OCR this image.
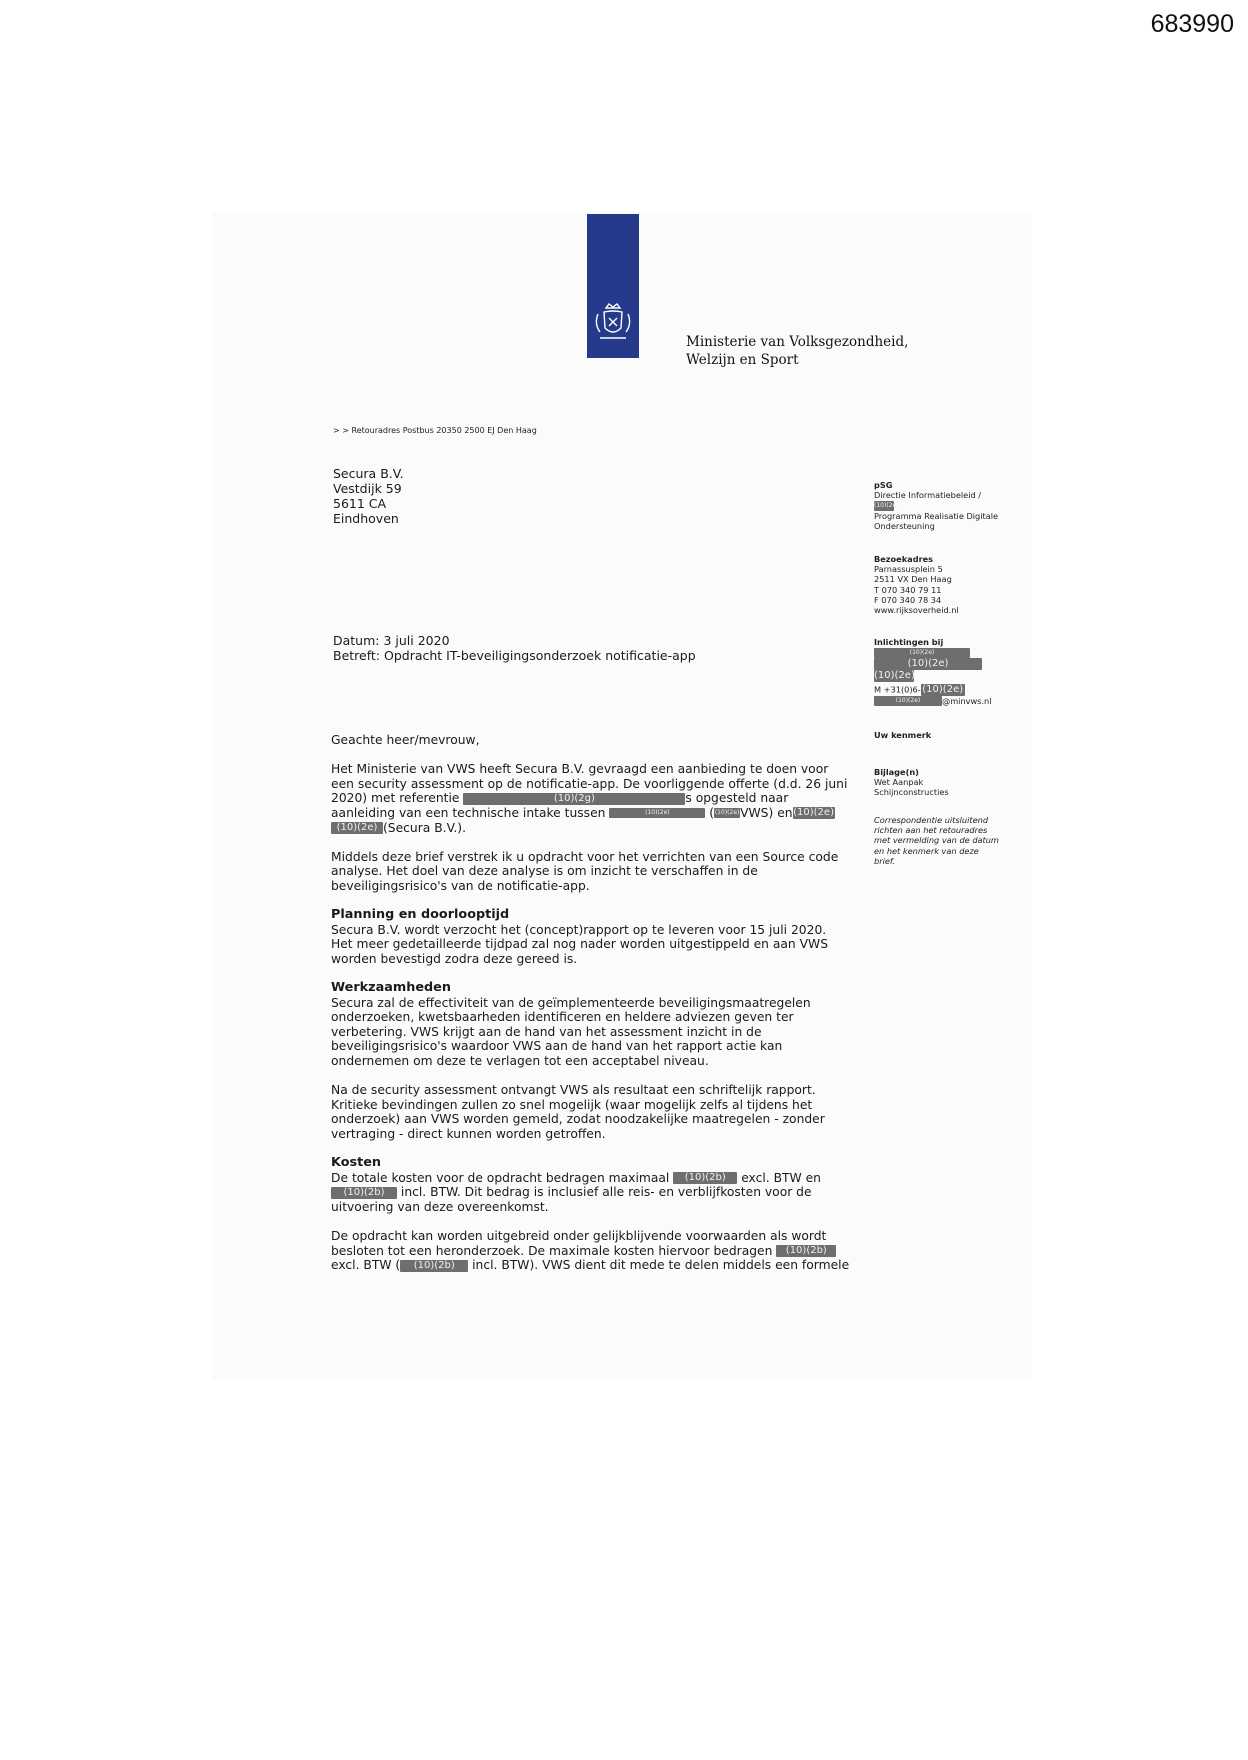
683990
Ministerie van Volksgezondheid,
Welzijn en Sport
> > Retouradres Postbus 20350 2500 EJ Den Haag
Secura B.V.
Vestdijk 59
5611 CA
Eindhoven
Datum: 3 juli 2020
Betreft: Opdracht IT-beveiligingsonderzoek notificatie-app
pSG
Directie Informatiebeleid /
(10)(2e)
Programma Realisatie Digitale
Ondersteuning
Bezoekadres
Parnassusplein 5
2511 VX Den Haag
T 070 340 79 11
F 070 340 78 34
www.rijksoverheid.nl
Inlichtingen bij
(10)(2e)
(10)(2e)
(10)(2e)
M +31(0)6- (10)(2e)
(10)(2e)	@minvws.nl
Uw kenmerk
Bijlage(n)
Wet Aanpak
Schijnconstructies
Correspondentie uitsluitend
richten aan het retouradres
met vermelding van de datum
en het kenmerk van deze
brief.

Geachte heer/mevrouw,

Het Ministerie van VWS heeft Secura B.V. gevraagd een aanbieding te doen voor
een security assessment op de notificatie-app. De voorliggende offerte (d.d. 26 juni
2020) met referentie	(10)(2g)	s opgesteld naar
aanleiding van een technische intake tussen	(10)(2e)	((10)(2e)VWS) en(10)(2e)
(10)(2e) (Secura B.V.).

Middels deze brief verstrek ik u opdracht voor het verrichten van een Source code
analyse. Het doel van deze analyse is om inzicht te verschaffen in de
beveiligingsrisico's van de notificatie-app.

Planning en doorlooptijd

Secura B.V. wordt verzocht het (concept)rapport op te leveren voor 15 juli 2020.
Het meer gedetailleerde tijdpad zal nog nader worden uitgestippeld en aan VWS
worden bevestigd zodra deze gereed is.

Werkzaamheden

Secura zal de effectiviteit van de geïmplementeerde beveiligingsmaatregelen
onderzoeken, kwetsbaarheden identificeren en heldere adviezen geven ter
verbetering. VWS krijgt aan de hand van het assessment inzicht in de
beveiligingsrisico's waardoor VWS aan de hand van het rapport actie kan
ondernemen om deze te verlagen tot een acceptabel niveau.

Na de security assessment ontvangt VWS als resultaat een schriftelijk rapport.
Kritieke bevindingen zullen zo snel mogelijk (waar mogelijk zelfs al tijdens het
onderzoek) aan VWS worden gemeld, zodat noodzakelijke maatregelen - zonder
vertraging - direct kunnen worden getroffen.

Kosten

De totale kosten voor de opdracht bedragen maximaal (10)(2b) excl. BTW en
(10)(2b) incl. BTW. Dit bedrag is inclusief alle reis- en verblijfkosten voor de
uitvoering van deze overeenkomst.

De opdracht kan worden uitgebreid onder gelijkblijvende voorwaarden als wordt
besloten tot een heronderzoek. De maximale kosten hiervoor bedragen (10)(2b)
excl. BTW ( (10)(2b) incl. BTW). VWS dient dit mede te delen middels een formele
